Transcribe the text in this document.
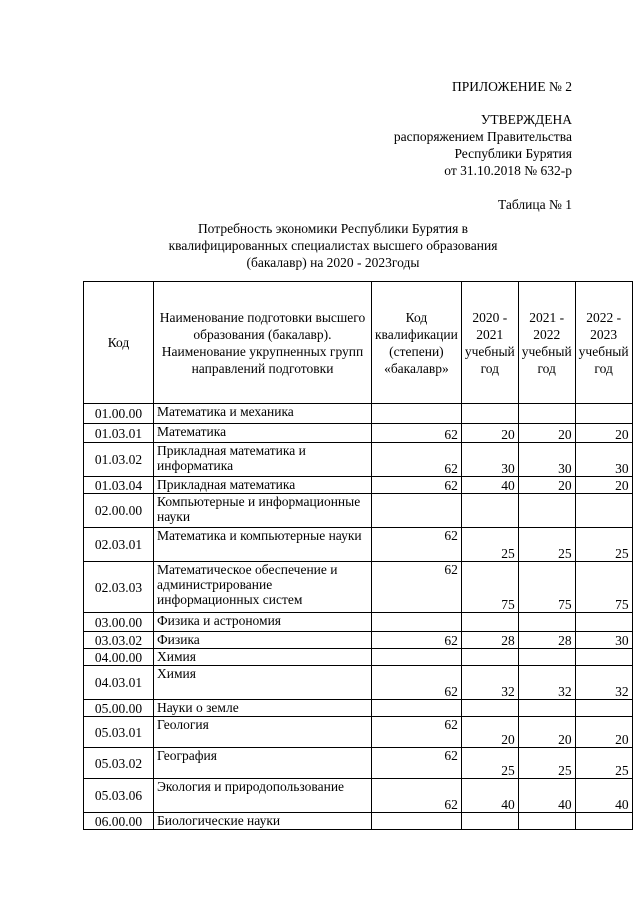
ПРИЛОЖЕНИЕ № 2
УТВЕРЖДЕНА
распоряжением Правительства
Республики Бурятия
от 31.10.2018 № 632-р
Таблица № 1
Потребность экономики Республики Бурятия в
квалифицированных специалистах высшего образования
(бакалавр) на 2020 - 2023годы
Код	Наименование подготовки высшего образования (бакалавр). Наименование укрупненных групп направлений подготовки	Код квалификации (степени) «бакалавр»	2020 - 2021 учебный год	2021 - 2022 учебный год	2022 - 2023 учебный год
01.00.00	Математика и механика				
01.03.01	Математика	62	20	20	20
01.03.02	Прикладная математика и информатика	62	30	30	30
01.03.04	Прикладная математика	62	40	20	20
02.00.00	Компьютерные и информационные науки				
02.03.01	Математика и компьютерные науки	62	25	25	25
02.03.03	Математическое обеспечение и администрирование информационных систем	62	75	75	75
03.00.00	Физика и астрономия				
03.03.02	Физика	62	28	28	30
04.00.00	Химия				
04.03.01	Химия	62	32	32	32
05.00.00	Науки о земле				
05.03.01	Геология	62	20	20	20
05.03.02	География	62	25	25	25
05.03.06	Экология и природопользование	62	40	40	40
06.00.00	Биологические науки				
